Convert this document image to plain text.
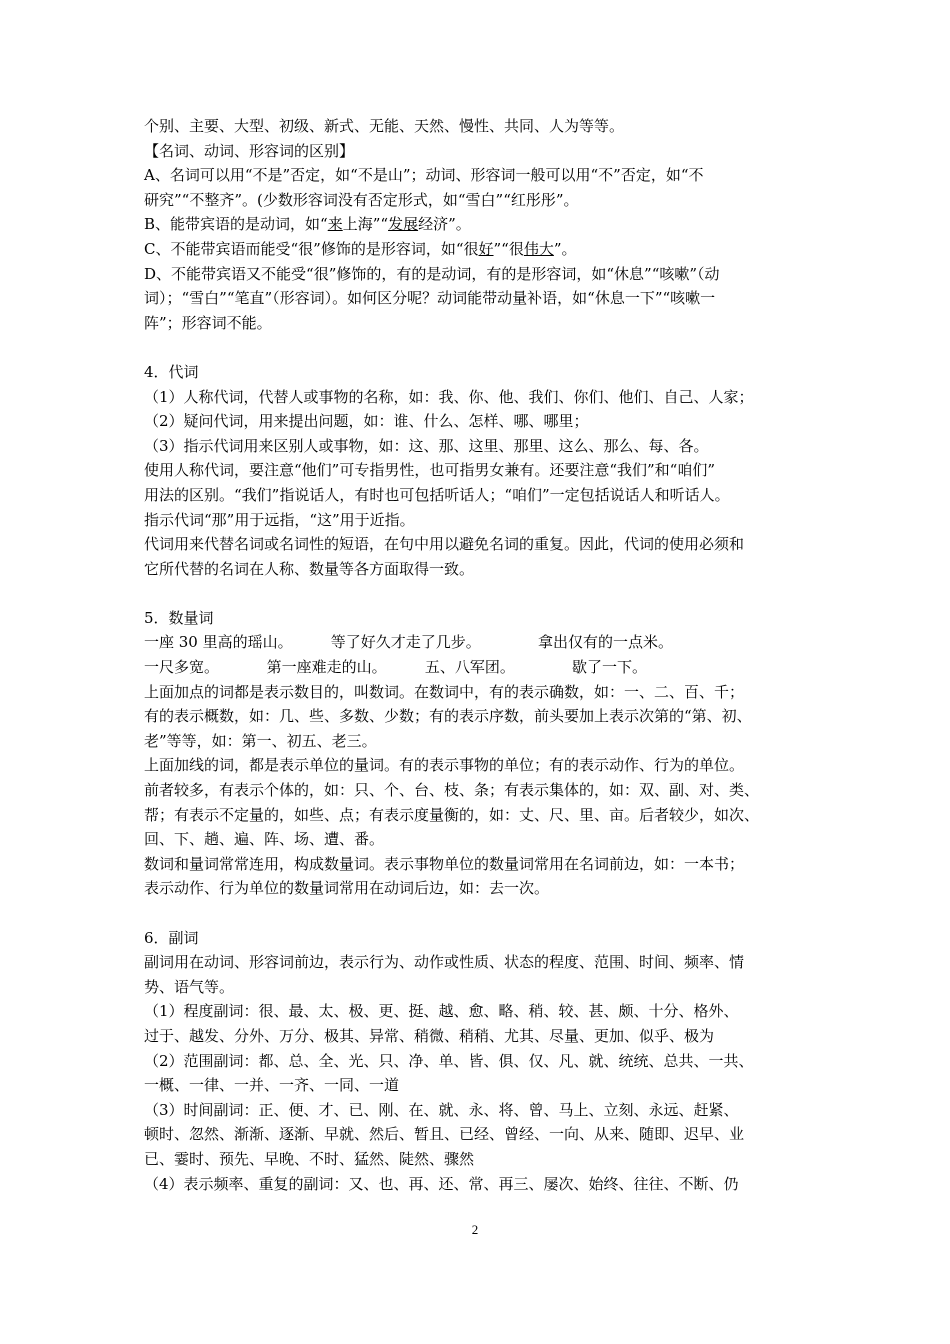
个别、主要、大型、初级、新式、无能、天然、慢性、共同、人为等等。

【名词、动词、形容词的区别】

A、名词可以用“不是”否定，如“不是山”；动词、形容词一般可以用“不”否定，如“不

研究”“不整齐”。(少数形容词没有否定形式，如“雪白”“红彤彤”。

B、能带宾语的是动词，如“来上海”“发展经济”。

C、不能带宾语而能受“很”修饰的是形容词，如“很好”“很伟大”。

D、不能带宾语又不能受“很”修饰的，有的是动词，有的是形容词，如“休息”“咳嗽”（动

词）；“雪白”“笔直”（形容词）。如何区分呢？动词能带动量补语，如“休息一下”“咳嗽一

阵”；形容词不能。

4．代词

（1）人称代词，代替人或事物的名称，如：我、你、他、我们、你们、他们、自己、人家；

（2）疑问代词，用来提出问题，如：谁、什么、怎样、哪、哪里；

（3）指示代词用来区别人或事物，如：这、那、这里、那里、这么、那么、每、各。

使用人称代词，要注意“他们”可专指男性，也可指男女兼有。还要注意“我们”和“咱们”

用法的区别。“我们”指说话人，有时也可包括听话人；“咱们”一定包括说话人和听话人。

指示代词“那”用于远指，“这”用于近指。

代词用来代替名词或名词性的短语，在句中用以避免名词的重复。因此，代词的使用必须和

它所代替的名词在人称、数量等各方面取得一致。

5．数量词

一座 30 里高的瑶山。        等了好久才走了几步。            拿出仅有的一点米。

一尺多宽。          第一座难走的山。        五、八军团。            歇了一下。

上面加点的词都是表示数目的，叫数词。在数词中，有的表示确数，如：一、二、百、千；

有的表示概数，如：几、些、多数、少数；有的表示序数，前头要加上表示次第的“第、初、

老”等等，如：第一、初五、老三。

上面加线的词，都是表示单位的量词。有的表示事物的单位；有的表示动作、行为的单位。

前者较多，有表示个体的，如：只、个、台、枝、条；有表示集体的，如：双、副、对、类、

帮；有表示不定量的，如些、点；有表示度量衡的，如：丈、尺、里、亩。后者较少，如次、

回、下、趟、遍、阵、场、遭、番。

数词和量词常常连用，构成数量词。表示事物单位的数量词常用在名词前边，如：一本书；

表示动作、行为单位的数量词常用在动词后边，如：去一次。

6．副词

副词用在动词、形容词前边，表示行为、动作或性质、状态的程度、范围、时间、频率、情

势、语气等。

（1）程度副词：很、最、太、极、更、挺、越、愈、略、稍、较、甚、颇、十分、格外、

过于、越发、分外、万分、极其、异常、稍微、稍稍、尤其、尽量、更加、似乎、极为

（2）范围副词：都、总、全、光、只、净、单、皆、俱、仅、凡、就、统统、总共、一共、

一概、一律、一并、一齐、一同、一道

（3）时间副词：正、便、才、已、刚、在、就、永、将、曾、马上、立刻、永远、赶紧、

顿时、忽然、渐渐、逐渐、早就、然后、暂且、已经、曾经、一向、从来、随即、迟早、业

已、霎时、预先、早晚、不时、猛然、陡然、骤然

（4）表示频率、重复的副词：又、也、再、还、常、再三、屡次、始终、往往、不断、仍

2
